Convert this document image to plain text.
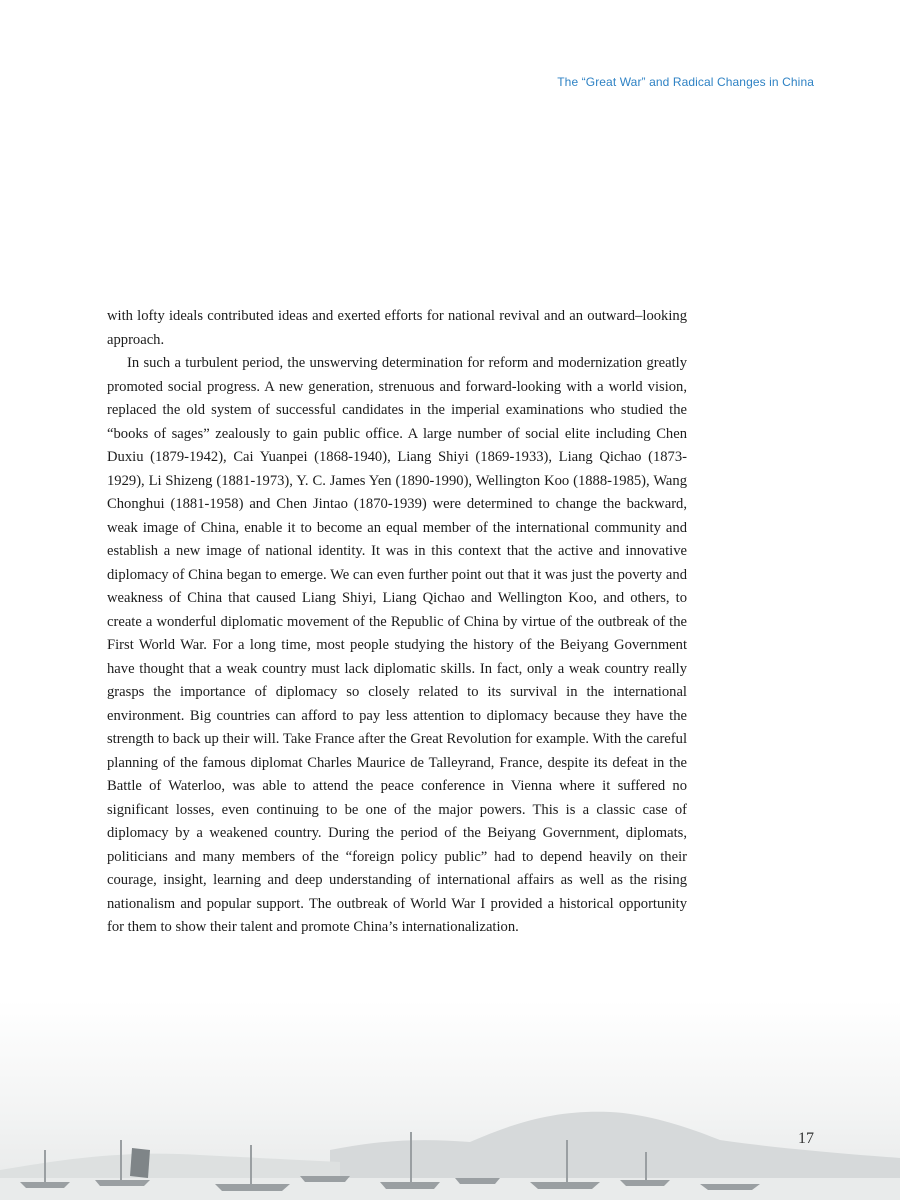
The “Great War” and Radical Changes in China

with lofty ideals contributed ideas and exerted efforts for national revival and an outward–looking approach.

In such a turbulent period, the unswerving determination for reform and modernization greatly promoted social progress. A new generation, strenuous and forward-looking with a world vision, replaced the old system of successful candidates in the imperial examinations who studied the “books of sages” zealously to gain public office. A large number of social elite including Chen Duxiu (1879-1942), Cai Yuanpei (1868-1940), Liang Shiyi (1869-1933), Liang Qichao (1873-1929), Li Shizeng (1881-1973), Y. C. James Yen (1890-1990), Wellington Koo (1888-1985), Wang Chonghui (1881-1958) and Chen Jintao (1870-1939) were determined to change the backward, weak image of China, enable it to become an equal member of the international community and establish a new image of national identity. It was in this context that the active and innovative diplomacy of China began to emerge. We can even further point out that it was just the poverty and weakness of China that caused Liang Shiyi, Liang Qichao and Wellington Koo, and others, to create a wonderful diplomatic movement of the Republic of China by virtue of the outbreak of the First World War. For a long time, most people studying the history of the Beiyang Government have thought that a weak country must lack diplomatic skills. In fact, only a weak country really grasps the importance of diplomacy so closely related to its survival in the international environment. Big countries can afford to pay less attention to diplomacy because they have the strength to back up their will. Take France after the Great Revolution for example. With the careful planning of the famous diplomat Charles Maurice de Talleyrand, France, despite its defeat in the Battle of Waterloo, was able to attend the peace conference in Vienna where it suffered no significant losses, even continuing to be one of the major powers. This is a classic case of diplomacy by a weakened country. During the period of the Beiyang Government, diplomats, politicians and many members of the “foreign policy public” had to depend heavily on their courage, insight, learning and deep understanding of international affairs as well as the rising nationalism and popular support. The outbreak of World War I provided a historical opportunity for them to show their talent and promote China’s internationalization.

17
